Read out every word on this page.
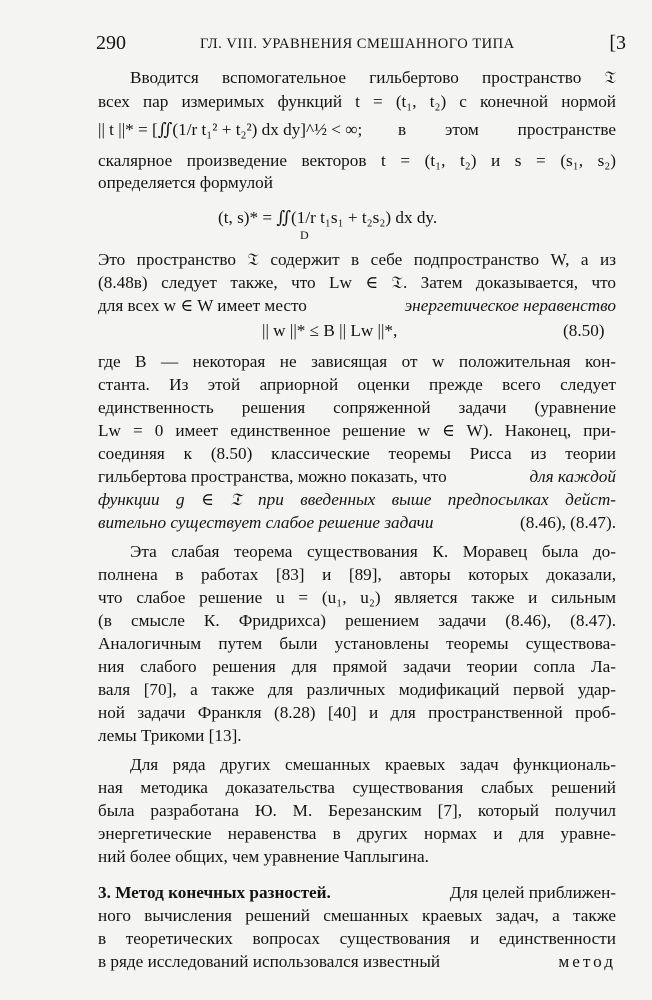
290	ГЛ. VIII. УРАВНЕНИЯ СМЕШАННОГО ТИПА	[3
Вводится вспомогательное гильбертово пространство 𝔗
всех пар измеримых функций t = (t₁, t₂) с конечной нормой
|| t ||* = [∬(1/r t₁² + t₂²) dx dy]^½ < ∞; в этом пространстве
скалярное произведение векторов t = (t₁, t₂) и s = (s₁, s₂)
определяется формулой
(t, s)* = ∬(1/r t₁s₁ + t₂s₂) dx dy.
D
Это пространство 𝔗 содержит в себе подпространство W, а из
(8.48в) следует также, что Lw ∈ 𝔗. Затем доказывается, что
для всех w ∈ W имеет место	энергетическое неравенство
|| w ||* ≤ B || Lw ||*,	(8.50)
где B — некоторая не зависящая от w положительная кон-
станта. Из этой априорной оценки прежде всего следует
единственность решения сопряженной задачи (уравнение
Lw = 0 имеет единственное решение w ∈ W). Наконец, при-
соединяя к (8.50) классические теоремы Рисса из теории
гильбертова пространства, можно показать, что	для каждой
функции g ∈ 𝔗 при введенных выше предпосылках дейст-
вительно существует слабое решение задачи	(8.46), (8.47).
Эта слабая теорема существования К. Моравец была до-
полнена в работах [83] и [89], авторы которых доказали,
что слабое решение u = (u₁, u₂) является также и сильным
(в смысле К. Фридрихса) решением задачи (8.46), (8.47).
Аналогичным путем были установлены теоремы существова-
ния слабого решения для прямой задачи теории сопла Ла-
валя [70], а также для различных модификаций первой удар-
ной задачи Франкля (8.28) [40] и для пространственной проб-
лемы Трикоми [13].
Для ряда других смешанных краевых задач функциональ-
ная методика доказательства существования слабых решений
была разработана Ю. М. Березанским [7], который получил
энергетические неравенства в других нормах и для уравне-
ний более общих, чем уравнение Чаплыгина.
3. Метод конечных разностей.	Для целей приближен-
ного вычисления решений смешанных краевых задач, а также
в теоретических вопросах существования и единственности
в ряде исследований использовался известный	метод
